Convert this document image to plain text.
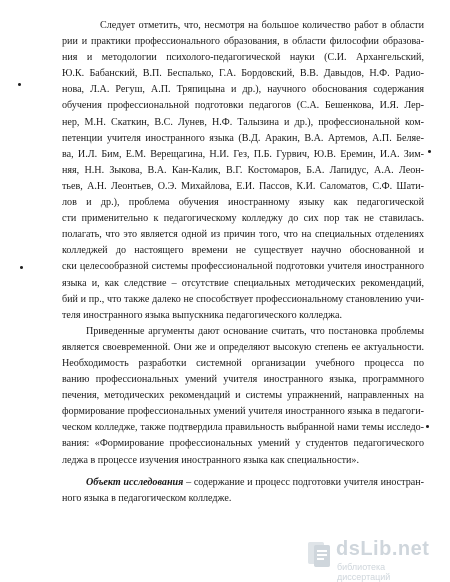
Следует отметить, что, несмотря на большое количество работ в области
рии и практики профессионального образования, в области философии образова-
ния и методологии психолого-педагогической науки (С.И. Архангельский,
Ю.К. Бабанский, В.П. Беспалько, Г.А. Бордовский, В.В. Давыдов, Н.Ф. Радио-
нова, Л.А. Регуш, А.П. Тряпицына и др.), научного обоснования содержания
обучения профессиональной подготовки педагогов (С.А. Бешенкова, И.Я. Лер-
нер, М.Н. Скаткин, В.С. Лунев, Н.Ф. Талызина и др.), профессиональной ком-
петенции учителя иностранного языка (В.Д. Аракин, В.А. Артемов, А.П. Беляе-
ва, И.Л. Бим, Е.М. Верещагина, Н.И. Гез, П.Б. Гурвич, Ю.В. Еремин, И.А. Зим-
няя, Н.Н. Зыкова, В.А. Кан-Калик, В.Г. Костомаров, Б.А. Лапидус, А.А. Леон-
тьев, А.Н. Леонтьев, О.Э. Михайлова, Е.И. Пассов, К.И. Саломатов, С.Ф. Шати-
лов и др.), проблема обучения иностранному языку как педагогической
сти применительно к педагогическому колледжу до сих пор так не ставилась.
полагать, что это является одной из причин того, что на специальных отделениях
колледжей до настоящего времени не существует научно обоснованной и
ски целесообразной системы профессиональной подготовки учителя иностранного
языка и, как следствие – отсутствие специальных методических рекомендаций,
бий и пр., что также далеко не способствует профессиональному становлению учи-
теля иностранного языка выпускника педагогического колледжа.
Приведенные аргументы дают основание считать, что постановка проблемы
является своевременной. Они же и определяют высокую степень ее актуальности.
Необходимость разработки системной организации учебного процесса по
ванию профессиональных умений учителя иностранного языка, программного
печения, методических рекомендаций и системы упражнений, направленных на
формирование профессиональных умений учителя иностранного языка в педагоги-
ческом колледже, также подтвердила правильность выбранной нами темы исследо-
вания: «Формирование профессиональных умений у студентов педагогического
леджа в процессе изучения иностранного языка как специальности».
Объект исследования – содержание и процесс подготовки учителя иностран-
ного языка в педагогическом колледже.
dsLib.net
библиотека диссертаций
